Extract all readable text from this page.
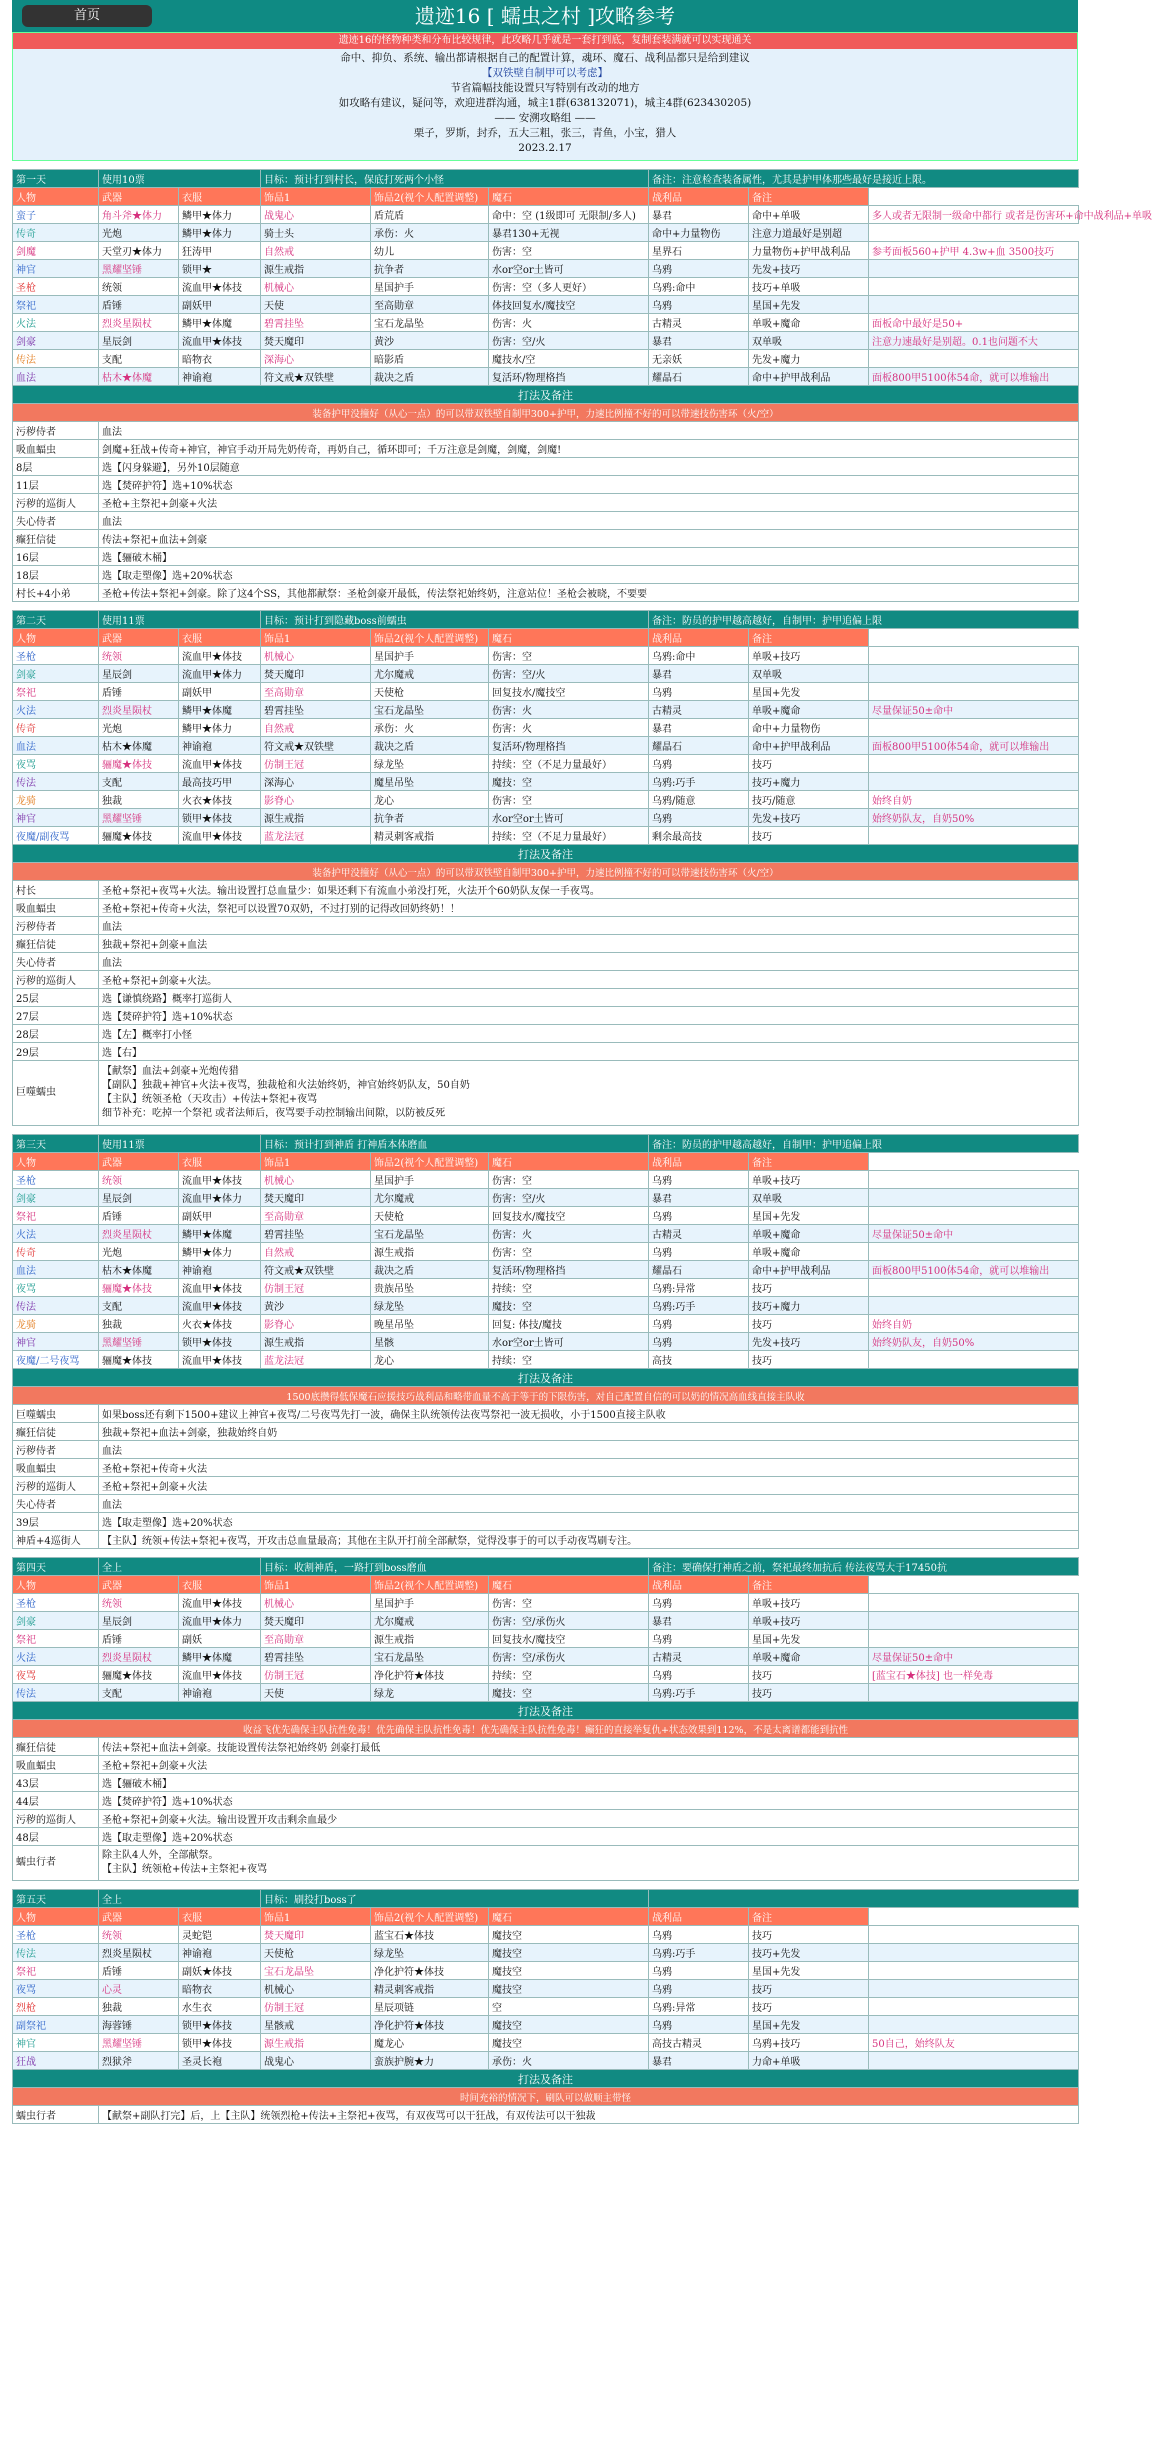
遗迹16 [ 蠕虫之村 ]攻略参考
首页
遗迹16的怪物种类和分布比较规律，此攻略几乎就是一套打到底，复制套装满就可以实现通关
命中、抑负、系统、输出都请根据自己的配置计算，魂环、魔石、战利品都只是给到建议
【双铁壁自制甲可以考虑】
节省篇幅技能设置只写特别有改动的地方
如攻略有建议，疑问等，欢迎进群沟通，城主1群(638132071)，城主4群(623430205)
—— 安溯攻略组 ——
栗子，罗斯，封乔，五大三粗，张三，青鱼，小宝，猎人
2023.2.17
第一天	使用10票		目标：预计打到村长，保底打死两个小怪			备注：注意检查装备属性，尤其是护甲体那些最好是接近上限。		
人物	武器	衣服	饰品1	饰品2(视个人配置调整)	魔石	战利品	备注	
蛮子	角斗斧★体力	鳞甲★体力	战鬼心	盾荒盾	命中：空 (1级即可 无限制/多人)	暴君	命中+单吸	多人或者无限制一级命中都行 或者是伤害环+命中战利品+单吸
传奇	光炮	鳞甲★体力	骑士头	承伤：火	暴君130+无视	命中+力量物伤	注意力道最好是别超	
剑魔	天堂刃★体力	狂涛甲	自然戒	幼儿	伤害：空	星界石	力量物伤+护甲战利品	参考面板560+护甲 4.3w+血 3500技巧
神官	黑耀坚锤	锁甲★	源生戒指	抗争者	水or空or土皆可	乌鸦	先发+技巧	
圣枪	统领	流血甲★体技	机械心	星国护手	伤害：空（多人更好）	乌鸦:命中	技巧+单吸	
祭祀	盾锤	副妖甲	天使	至高勋章	体技回复水/魔技空	乌鸦	星国+先发	
火法	烈炎星陨杖	鳞甲★体魔	碧霄挂坠	宝石龙晶坠	伤害：火	古精灵	单吸+魔命	面板命中最好是50+
剑豪	星辰剑	流血甲★体技	焚天魔印	黄沙	伤害：空/火	暴君	双单吸	注意力速最好是别超。0.1也问题不大
传法	支配	暗物衣	深海心	暗影盾	魔技水/空	无亲妖	先发+魔力	
血法	枯木★体魔	神谕袍	符文戒★双铁壁	裁决之盾	复活环/物理格挡	耀晶石	命中+护甲战利品	面板800甲5100体54命，就可以堆输出
打法及备注								
装备护甲没撞好（从心一点）的可以带双铁壁自制甲300+护甲，力速比例撞不好的可以带速技伤害环（火/空）								
污秽侍者	血法							
吸血蝠虫	剑魔+狂战+传奇+神官，神官手动开局先奶传奇，再奶自己，循环即可；千万注意是剑魔，剑魔，剑魔!							
8层	选【闪身躲避】，另外10层随意							
11层	选【焚碎护符】选+10%状态							
污秽的巡街人	圣枪+主祭祀+剑豪+火法							
失心侍者	血法							
癫狂信徒	传法+祭祀+血法+剑豪							
16层	选【骊破木桶】							
18层	选【取走塑像】选+20%状态							
村长+4小弟	圣枪+传法+祭祀+剑豪。除了这4个SS，其他都献祭：圣枪剑豪开最低，传法祭祀始终奶，注意站位！圣枪会被晓，不要要							
第二天	使用11票		目标：预计打到隐藏boss前蠕虫			备注：防员的护甲越高越好，自制甲：护甲追偏上限		
人物	武器	衣服	饰品1	饰品2(视个人配置调整)	魔石	战利品	备注	
圣枪	统领	流血甲★体技	机械心	星国护手	伤害：空	乌鸦:命中	单吸+技巧	
剑豪	星辰剑	流血甲★体力	焚天魔印	尤尔魔戒	伤害：空/火	暴君	双单吸	
祭祀	盾锤	副妖甲	至高勋章	天使枪	回复技水/魔技空	乌鸦	星国+先发	
火法	烈炎星陨杖	鳞甲★体魔	碧霄挂坠	宝石龙晶坠	伤害：火	古精灵	单吸+魔命	尽量保证50±命中
传奇	光炮	鳞甲★体力	自然戒	承伤：火	伤害：火	暴君	命中+力量物伤	
血法	枯木★体魔	神谕袍	符文戒★双铁壁	裁决之盾	复活环/物理格挡	耀晶石	命中+护甲战利品	面板800甲5100体54命，就可以堆输出
夜骂	骊魔★体技	流血甲★体技	仿制王冠	绿龙坠	持续：空（不足力量最好）	乌鸦	技巧	
传法	支配	最高技巧甲	深海心	魔星吊坠	魔技：空	乌鸦:巧手	技巧+魔力	
龙骑	独裁	火衣★体技	影脊心	龙心	伤害：空	乌鸦/随意	技巧/随意	始终自奶
神官	黑耀坚锤	锁甲★体技	源生戒指	抗争者	水or空or土皆可	乌鸦	先发+技巧	始终奶队友，自奶50%
夜魔/副夜骂	骊魔★体技	流血甲★体技	蓝龙法冠	精灵刺客戒指	持续：空（不足力量最好）	剩余最高技	技巧	
打法及备注								
装备护甲没撞好（从心一点）的可以带双铁壁自制甲300+护甲，力速比例撞不好的可以带速技伤害环（火/空）								
村长	圣枪+祭祀+夜骂+火法。输出设置打总血量少：如果还剩下有流血小弟没打死，火法开个60奶队友保一手夜骂。							
吸血蝠虫	圣枪+祭祀+传奇+火法，祭祀可以设置70双奶，不过打别的记得改回奶终奶！！							
污秽侍者	血法							
癫狂信徒	独裁+祭祀+剑豪+血法							
失心侍者	血法							
污秽的巡街人	圣枪+祭祀+剑豪+火法。							
25层	选【谦慎绕路】概率打巡街人							
27层	选【焚碎护符】选+10%状态							
28层	选【左】概率打小怪							
29层	选【右】							
巨噬蠕虫	【献祭】血法+剑豪+光炮传猎
【副队】独裁+神官+火法+夜骂，独裁枪和火法始终奶，神官始终奶队友，50自奶
【主队】统领圣枪（天攻击）+传法+祭祀+夜骂
细节补充：吃掉一个祭祀 或者法师后，夜骂要手动控制输出间隙，以防被反死							
第三天	使用11票		目标：预计打到神盾 打神盾本体磨血			备注：防员的护甲越高越好，自制甲：护甲追偏上限		
人物	武器	衣服	饰品1	饰品2(视个人配置调整)	魔石	战利品	备注	
圣枪	统领	流血甲★体技	机械心	星国护手	伤害：空	乌鸦	单吸+技巧	
剑豪	星辰剑	流血甲★体力	焚天魔印	尤尔魔戒	伤害：空/火	暴君	双单吸	
祭祀	盾锤	副妖甲	至高勋章	天使枪	回复技水/魔技空	乌鸦	星国+先发	
火法	烈炎星陨杖	鳞甲★体魔	碧霄挂坠	宝石龙晶坠	伤害：火	古精灵	单吸+魔命	尽量保证50±命中
传奇	光炮	鳞甲★体力	自然戒	源生戒指	伤害：空	乌鸦	单吸+魔命	
血法	枯木★体魔	神谕袍	符文戒★双铁壁	裁决之盾	复活环/物理格挡	耀晶石	命中+护甲战利品	面板800甲5100体54命，就可以堆输出
夜骂	骊魔★体技	流血甲★体技	仿制王冠	贵族吊坠	持续：空	乌鸦:异常	技巧	
传法	支配	流血甲★体技	黄沙	绿龙坠	魔技：空	乌鸦:巧手	技巧+魔力	
龙骑	独裁	火衣★体技	影脊心	晚星吊坠	回复: 体技/魔技	乌鸦	技巧	始终自奶
神官	黑耀坚锤	锁甲★体技	源生戒指	星骸	水or空or土皆可	乌鸦	先发+技巧	始终奶队友，自奶50%
夜魔/二号夜骂	骊魔★体技	流血甲★体技	蓝龙法冠	龙心	持续：空	高技	技巧	
打法及备注								
1500底攒得低保魔石应援技巧战利品和略带血量不高于等于的下限伤害，对自己配置自信的可以奶的情况高血线直接主队收								
巨噬蠕虫	如果boss还有剩下1500+建议上神官+夜骂/二号夜骂先打一波，确保主队统领传法夜骂祭祀一波无损收，小于1500直接主队收							
癫狂信徒	独裁+祭祀+血法+剑豪，独裁始终自奶							
污秽侍者	血法							
吸血蝠虫	圣枪+祭祀+传奇+火法							
污秽的巡街人	圣枪+祭祀+剑豪+火法							
失心侍者	血法							
39层	选【取走塑像】选+20%状态							
神盾+4巡街人	【主队】统领+传法+祭祀+夜骂，开攻击总血量最高；其他在主队开打前全部献祭，觉得没事于的可以手动夜骂刷专注。							
第四天	全上		目标：收割神盾，一路打到boss磨血			备注：要确保打神盾之前，祭祀最终加抗后 传法夜骂大于17450抗		
人物	武器	衣服	饰品1	饰品2(视个人配置调整)	魔石	战利品	备注	
圣枪	统领	流血甲★体技	机械心	星国护手	伤害：空	乌鸦	单吸+技巧	
剑豪	星辰剑	流血甲★体力	焚天魔印	尤尔魔戒	伤害：空/承伤火	暴君	单吸+技巧	
祭祀	盾锤	副妖	至高勋章	源生戒指	回复技水/魔技空	乌鸦	星国+先发	
火法	烈炎星陨杖	鳞甲★体魔	碧霄挂坠	宝石龙晶坠	伤害：空/承伤火	古精灵	单吸+魔命	尽量保证50±命中
夜骂	骊魔★体技	流血甲★体技	仿制王冠	净化护符★体技	持续：空	乌鸦	技巧	[蓝宝石★体技] 也一样免毒
传法	支配	神谕袍	天使	绿龙	魔技：空	乌鸦:巧手	技巧	
打法及备注								
收益飞优先确保主队抗性免毒！优先确保主队抗性免毒！优先确保主队抗性免毒！癫狂的直接举复仇+状态效果到112%，不是太离谱都能到抗性								
癫狂信徒	传法+祭祀+血法+剑豪。技能设置传法祭祀始终奶 剑豪打最低							
吸血蝠虫	圣枪+祭祀+剑豪+火法							
43层	选【骊破木桶】							
44层	选【焚碎护符】选+10%状态							
污秽的巡街人	圣枪+祭祀+剑豪+火法。输出设置开攻击剩余血最少							
48层	选【取走塑像】选+20%状态							
蠕虫行者	除主队4人外，全部献祭。
【主队】统领枪+传法+主祭祀+夜骂							
第五天	全上		目标：刷投打boss了					
人物	武器	衣服	饰品1	饰品2(视个人配置调整)	魔石	战利品	备注	
圣枪	统领	灵蛇铠	焚天魔印	蓝宝石★体技	魔技空	乌鸦	技巧	
传法	烈炎星陨杖	神谕袍	天使枪	绿龙坠	魔技空	乌鸦:巧手	技巧+先发	
祭祀	盾锤	副妖★体技	宝石龙晶坠	净化护符★体技	魔技空	乌鸦	星国+先发	
夜骂	心灵	暗物衣	机械心	精灵刺客戒指	魔技空	乌鸦	技巧	
烈枪	独裁	水生衣	仿制王冠	星辰项链	空	乌鸦:异常	技巧	
副祭祀	海蓉锤	锁甲★体技	星骸戒	净化护符★体技	魔技空	乌鸦	星国+先发	
神官	黑耀坚锤	锁甲★体技	源生戒指	魔龙心	魔技空	高技古精灵	乌鸦+技巧	50自己，始终队友
狂战	烈狱斧	圣灵长袍	战鬼心	蛮族护腕★力	承伤：火	暴君	力命+单吸	
打法及备注								
时间充裕的情况下，刷队可以做顺主带怪								
蠕虫行者	【献祭+副队打完】后，上【主队】统领烈枪+传法+主祭祀+夜骂，有双夜骂可以干狂战，有双传法可以干独裁							
